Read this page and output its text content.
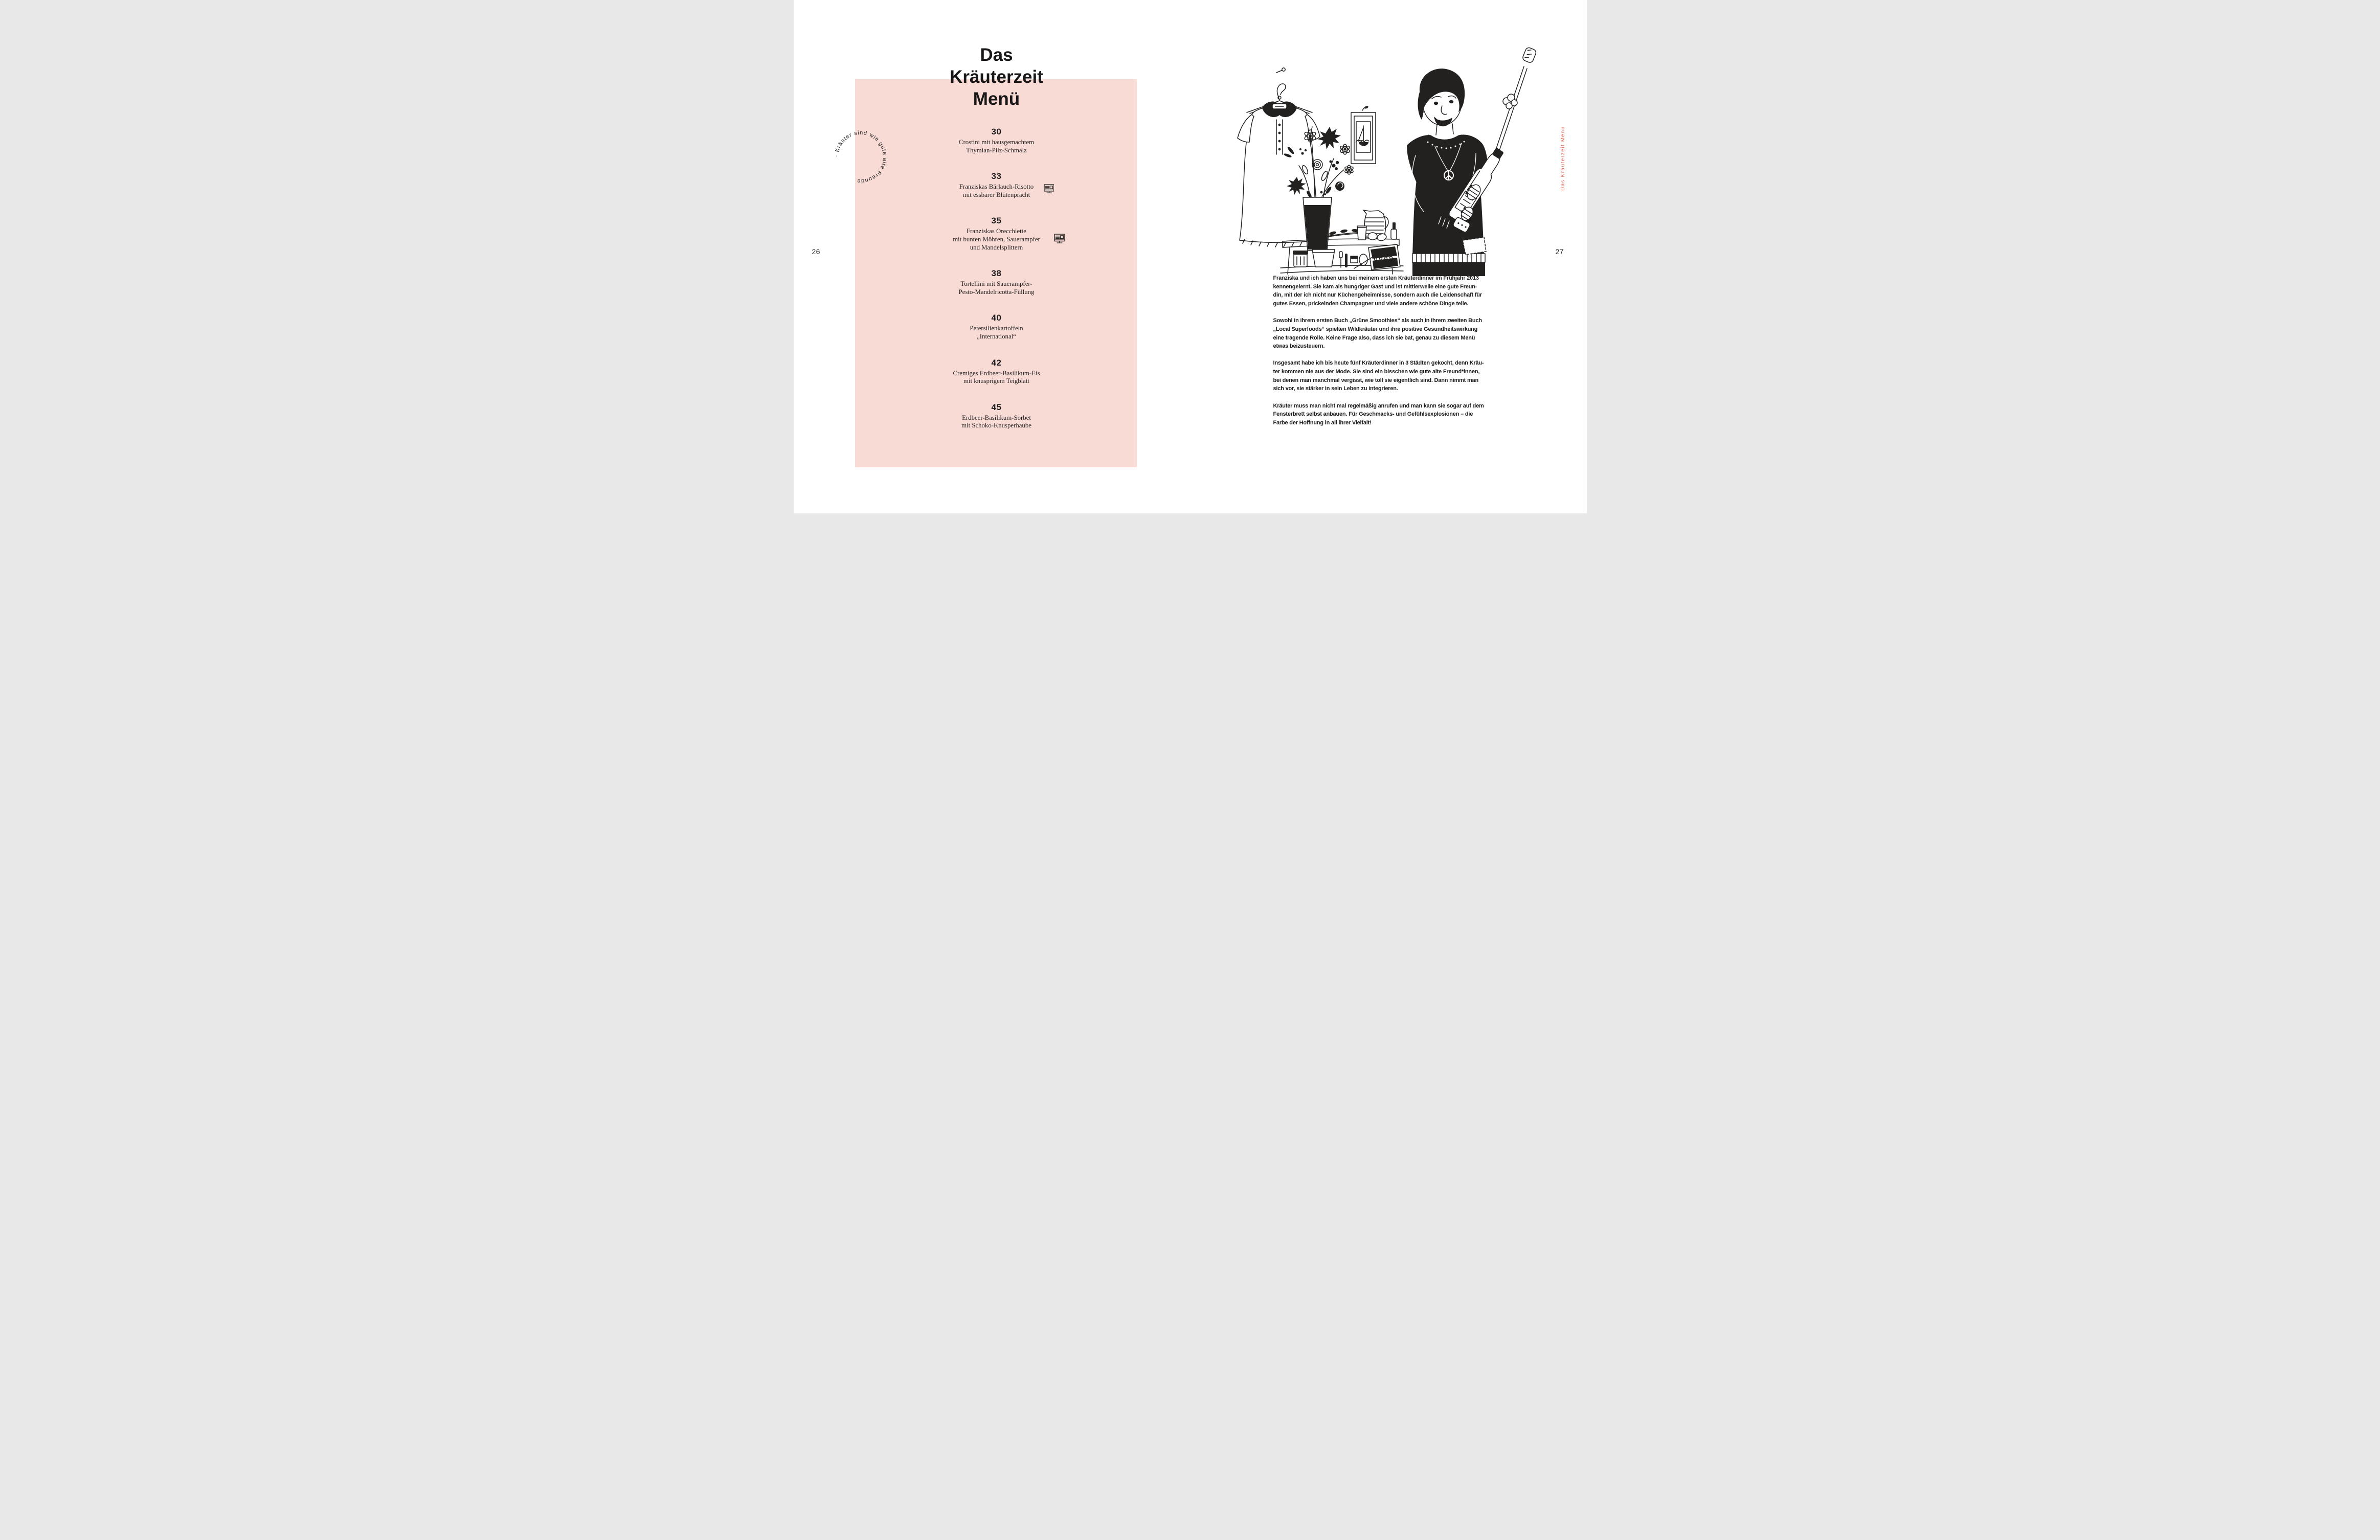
Das
Kräuterzeit
Menü
· Kräuter sind wie gute alte Freunde
30
Crostini mit hausgemachtem
Thymian-Pilz-Schmalz
33
Franziskas Bärlauch-Risotto
mit essbarer Blütenpracht
35
Franziskas Orecchiette
mit bunten Möhren, Sauerampfer
und Mandelsplittern
38
Tortellini mit Sauerampfer-
Pesto-Mandelricotta-Füllung
40
Petersilienkartoffeln
„International“
42
Cremiges Erdbeer-Basilikum-Eis
mit knusprigem Teigblatt
45
Erdbeer-Basilikum-Sorbet
mit Schoko-Knusperhaube
26
Das Kräuterzeit Menü

Franziska und ich haben uns bei meinem ersten Kräuterdinner im Frühjahr 2013
kennengelernt. Sie kam als hungriger Gast und ist mittlerweile eine gute Freun-
din, mit der ich nicht nur Küchengeheimnisse, sondern auch die Leidenschaft für
gutes Essen, prickelnden Champagner und viele andere schöne Dinge teile.

Sowohl in ihrem ersten Buch „Grüne Smoothies“ als auch in ihrem zweiten Buch
„Local Superfoods“ spielten Wildkräuter und ihre positive Gesundheitswirkung
eine tragende Rolle. Keine Frage also, dass ich sie bat, genau zu diesem Menü
etwas beizusteuern.

Insgesamt habe ich bis heute fünf Kräuterdinner in 3 Städten gekocht, denn Kräu-
ter kommen nie aus der Mode. Sie sind ein bisschen wie gute alte Freund*innen,
bei denen man manchmal vergisst, wie toll sie eigentlich sind. Dann nimmt man
sich vor, sie stärker in sein Leben zu integrieren.

Kräuter muss man nicht mal regelmäßig anrufen und man kann sie sogar auf dem
Fensterbrett selbst anbauen. Für Geschmacks- und Gefühlsexplosionen – die
Farbe der Hoffnung in all ihrer Vielfalt!

27
